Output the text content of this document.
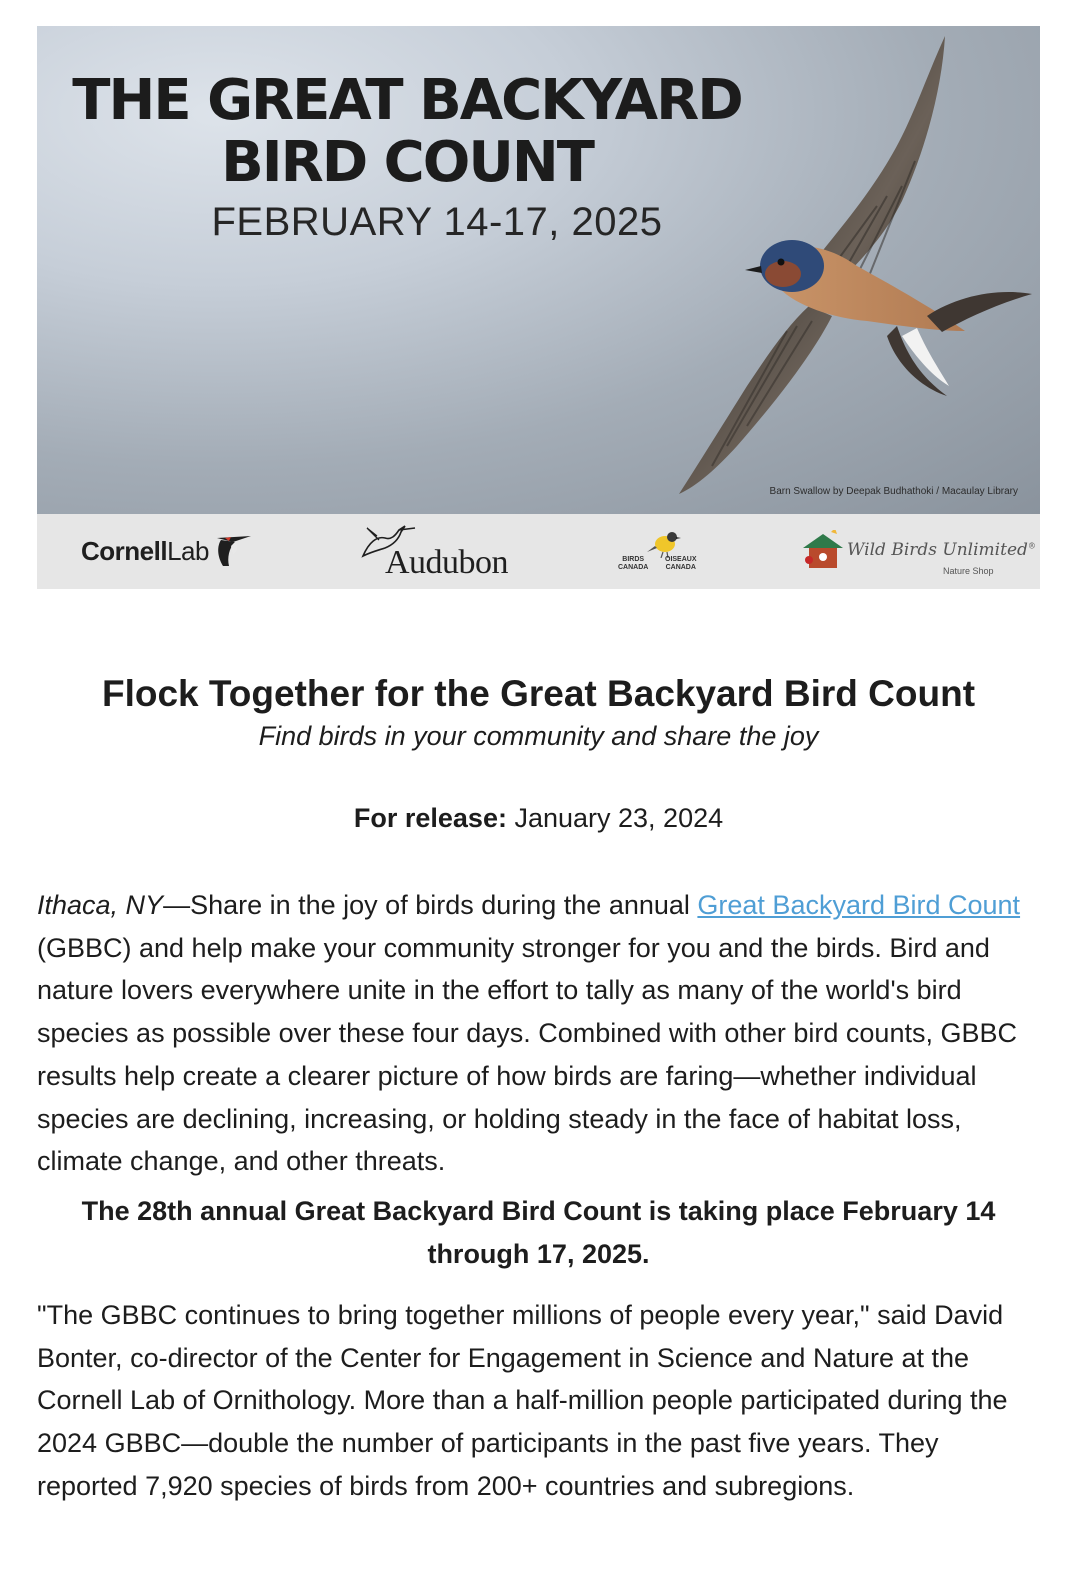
THE GREAT BACKYARD
BIRD COUNT
FEBRUARY 14-17, 2025
Barn Swallow by Deepak Budhathoki / Macaulay Library
CornellLab	Audubon	BIRDS
CANADA
OISEAUX
CANADA
Wild Birds Unlimited®
Nature Shop
Flock Together for the Great Backyard Bird Count

Find birds in your community and share the joy

For release: January 23, 2024

Ithaca, NY—Share in the joy of birds during the annual Great Backyard Bird Count (GBBC) and help make your community stronger for you and the birds. Bird and nature lovers everywhere unite in the effort to tally as many of the world's bird species as possible over these four days. Combined with other bird counts, GBBC results help create a clearer picture of how birds are faring—whether individual species are declining, increasing, or holding steady in the face of habitat loss, climate change, and other threats.

The 28th annual Great Backyard Bird Count is taking place February 14 through 17, 2025.

"The GBBC continues to bring together millions of people every year," said David Bonter, co-director of the Center for Engagement in Science and Nature at the Cornell Lab of Ornithology. More than a half-million people participated during the 2024 GBBC—double the number of participants in the past five years. They reported 7,920 species of birds from 200+ countries and subregions.
